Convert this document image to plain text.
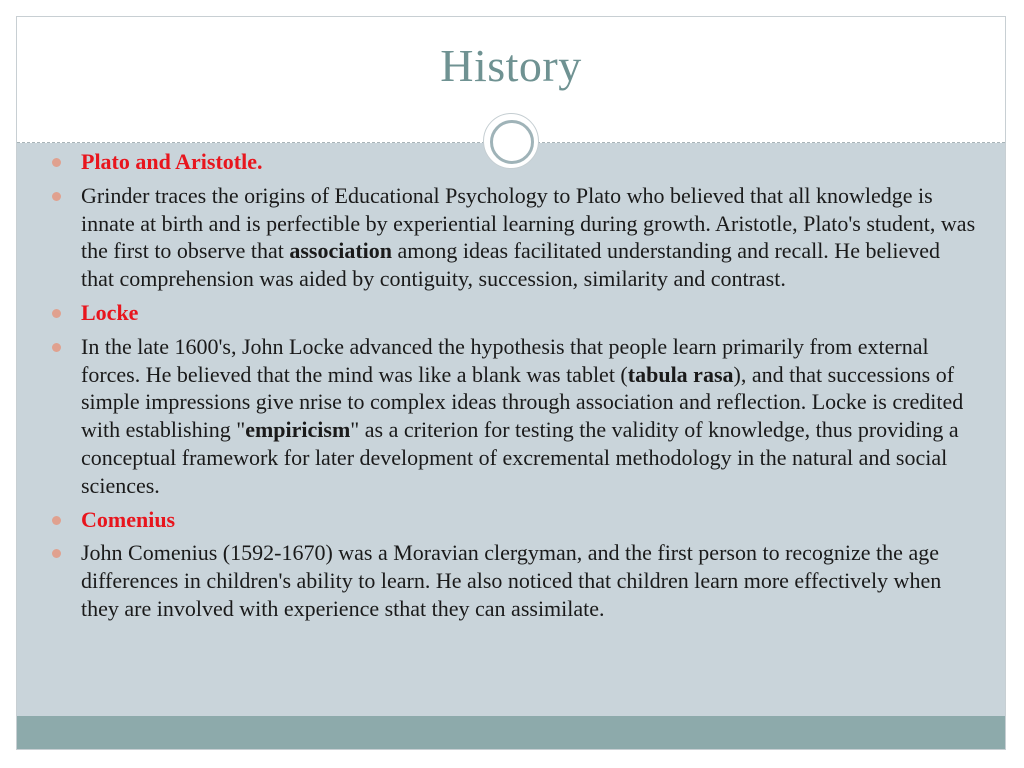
History
Plato and Aristotle.
Grinder traces the origins of Educational Psychology to Plato who believed that all knowledge is innate at birth and is perfectible by experiential learning during growth. Aristotle, Plato's student, was the first to observe that association among ideas facilitated understanding and recall. He believed that comprehension was aided by contiguity, succession, similarity and contrast.
Locke
In the late 1600's, John Locke advanced the hypothesis that people learn primarily from external forces. He believed that the mind was like a blank was tablet (tabula rasa), and that successions of simple impressions give nrise to complex ideas through association and reflection. Locke is credited with establishing "empiricism" as a criterion for testing the validity of knowledge, thus providing a conceptual framework for later development of excremental methodology in the natural and social sciences.
Comenius
John Comenius (1592-1670) was a Moravian clergyman, and the first person to recognize the age differences in children's ability to learn. He also noticed that children learn more effectively when they are involved with experience sthat they can assimilate.
